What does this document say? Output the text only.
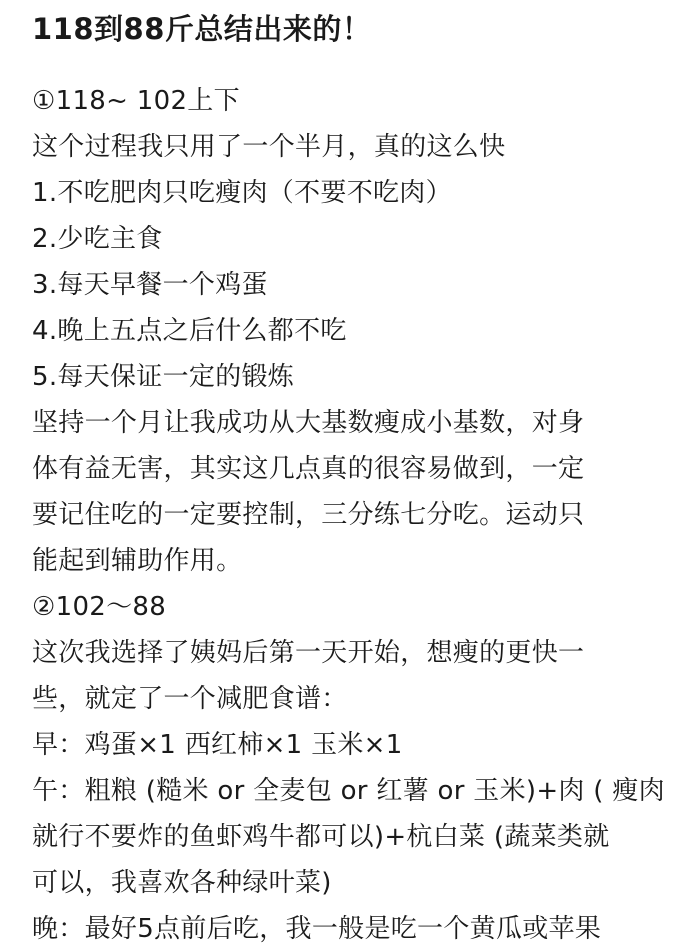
118到88斤总结出来的！
①118~ 102上下
这个过程我只用了一个半月，真的这么快
1.不吃肥肉只吃瘦肉（不要不吃肉）
2.少吃主食
3.每天早餐一个鸡蛋
4.晚上五点之后什么都不吃
5.每天保证一定的锻炼
坚持一个月让我成功从大基数瘦成小基数，对身
体有益无害，其实这几点真的很容易做到，一定
要记住吃的一定要控制，三分练七分吃。运动只
能起到辅助作用。
②102～88
这次我选择了姨妈后第一天开始，想瘦的更快一
些，就定了一个减肥食谱：
早：鸡蛋×1 西红柿×1 玉米×1
午：粗粮 (糙米 or 全麦包 or 红薯 or 玉米)+肉 ( 瘦肉
就行不要炸的鱼虾鸡牛都可以)+杭白菜 (蔬菜类就
可以，我喜欢各种绿叶菜)
晚：最好5点前后吃，我一般是吃一个黄瓜或苹果
